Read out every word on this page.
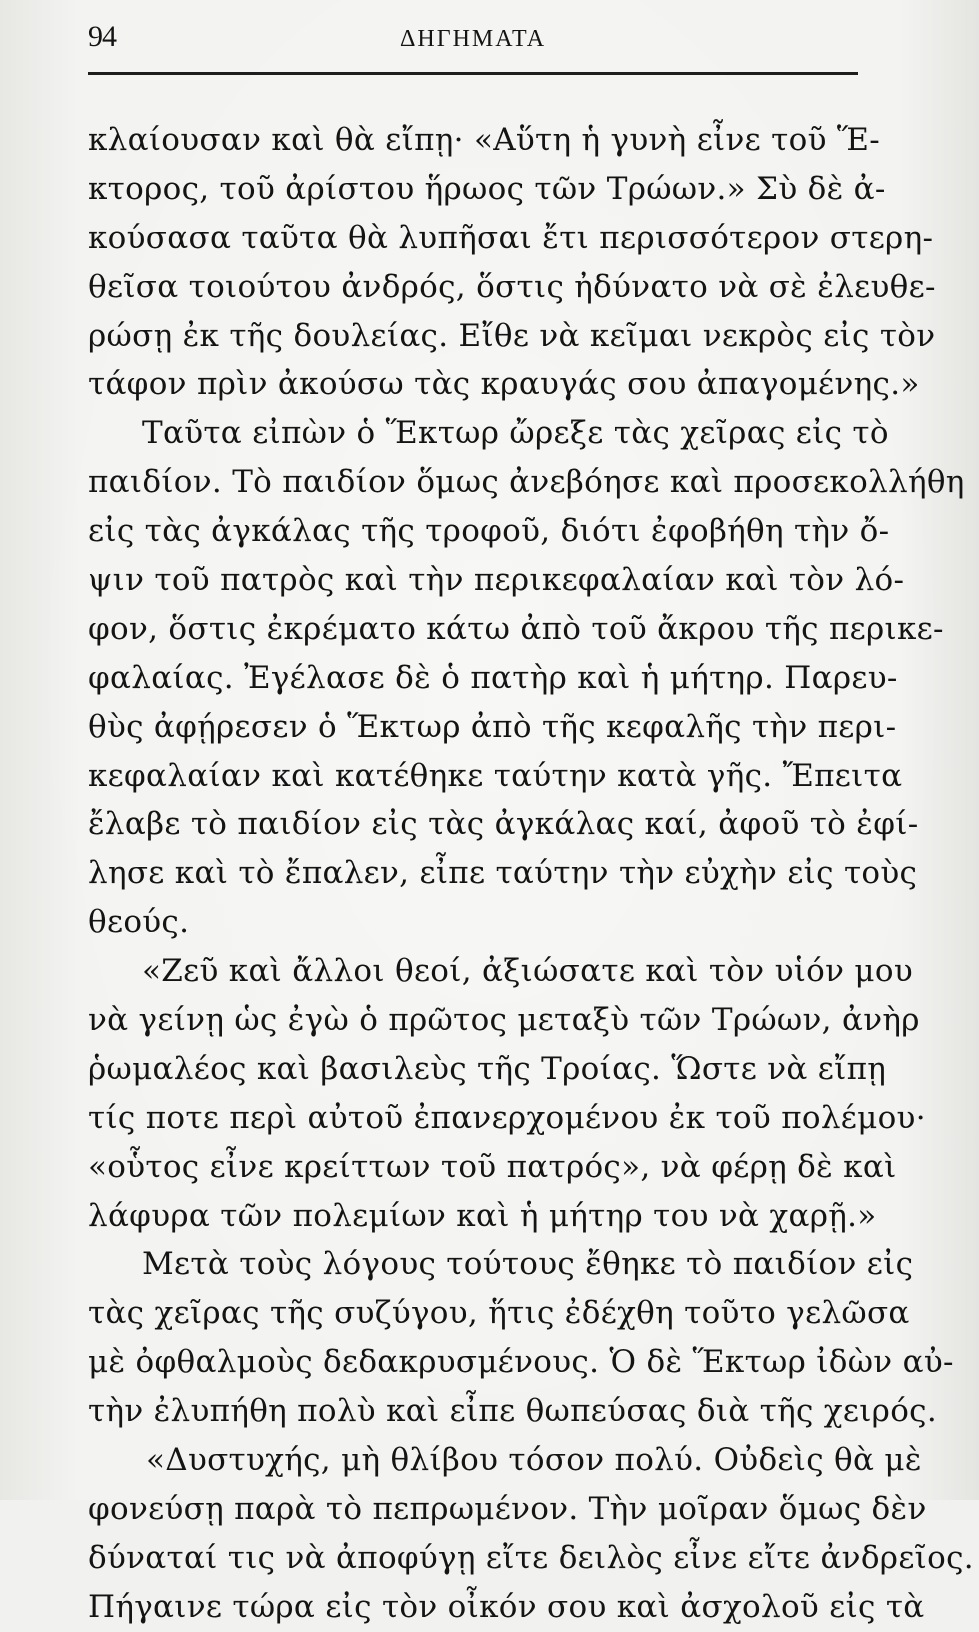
94	ΔΗΓΗΜΑΤΑ
κλαίουσαν καὶ θὰ εἴπῃ· «Αὕτη ἡ γυνὴ εἶνε τοῦ Ἕ-
κτορος, τοῦ ἀρίστου ἥρωος τῶν Τρώων.» Σὺ δὲ ἀ-
κούσασα ταῦτα θὰ λυπῆσαι ἔτι περισσότερον στερη-
θεῖσα τοιούτου ἀνδρός, ὅστις ἠδύνατο νὰ σὲ ἐλευθε-
ρώσῃ ἐκ τῆς δουλείας. Εἴθε νὰ κεῖμαι νεκρὸς εἰς τὸν
τάφον πρὶν ἀκούσω τὰς κραυγάς σου ἀπαγομένης.»
Ταῦτα εἰπὼν ὁ Ἕκτωρ ὤρεξε τὰς χεῖρας εἰς τὸ
παιδίον. Τὸ παιδίον ὅμως ἀνεβόησε καὶ προσεκολλήθη
εἰς τὰς ἀγκάλας τῆς τροφοῦ, διότι ἐφοβήθη τὴν ὄ-
ψιν τοῦ πατρὸς καὶ τὴν περικεφαλαίαν καὶ τὸν λό-
φον, ὅστις ἐκρέματο κάτω ἀπὸ τοῦ ἄκρου τῆς περικε-
φαλαίας. Ἐγέλασε δὲ ὁ πατὴρ καὶ ἡ μήτηρ. Παρευ-
θὺς ἀφῄρεσεν ὁ Ἕκτωρ ἀπὸ τῆς κεφαλῆς τὴν περι-
κεφαλαίαν καὶ κατέθηκε ταύτην κατὰ γῆς. Ἔπειτα
ἔλαβε τὸ παιδίον εἰς τὰς ἀγκάλας καί, ἀφοῦ τὸ ἐφί-
λησε καὶ τὸ ἔπαλεν, εἶπε ταύτην τὴν εὐχὴν εἰς τοὺς
θεούς.
«Ζεῦ καὶ ἄλλοι θεοί, ἀξιώσατε καὶ τὸν υἱόν μου
νὰ γείνῃ ὡς ἐγὼ ὁ πρῶτος μεταξὺ τῶν Τρώων, ἀνὴρ
ῥωμαλέος καὶ βασιλεὺς τῆς Τροίας. Ὥστε νὰ εἴπῃ
τίς ποτε περὶ αὐτοῦ ἐπανερχομένου ἐκ τοῦ πολέμου·
«οὗτος εἶνε κρείττων τοῦ πατρός», νὰ φέρῃ δὲ καὶ
λάφυρα τῶν πολεμίων καὶ ἡ μήτηρ του νὰ χαρῇ.»
Μετὰ τοὺς λόγους τούτους ἔθηκε τὸ παιδίον εἰς
τὰς χεῖρας τῆς συζύγου, ἥτις ἐδέχθη τοῦτο γελῶσα
μὲ ὀφθαλμοὺς δεδακρυσμένους. Ὁ δὲ Ἕκτωρ ἰδὼν αὐ-
τὴν ἐλυπήθη πολὺ καὶ εἶπε θωπεύσας διὰ τῆς χειρός.
«Δυστυχής, μὴ θλίβου τόσον πολύ. Οὐδεὶς θὰ μὲ
φονεύσῃ παρὰ τὸ πεπρωμένον. Τὴν μοῖραν ὅμως δὲν
δύναταί τις νὰ ἀποφύγῃ εἴτε δειλὸς εἶνε εἴτε ἀνδρεῖος.
Πήγαινε τώρα εἰς τὸν οἶκόν σου καὶ ἀσχολοῦ εἰς τὰ
